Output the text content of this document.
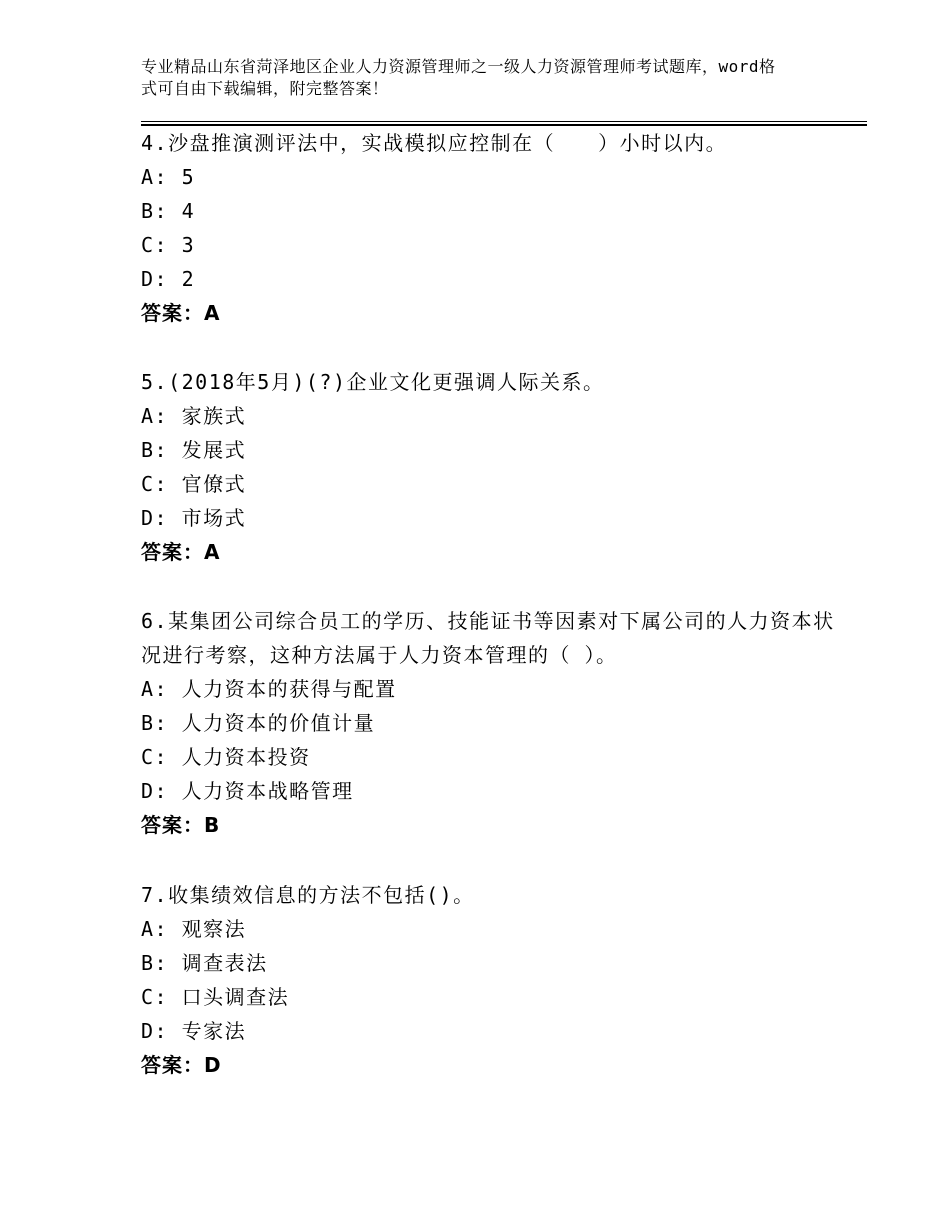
专业精品山东省菏泽地区企业人力资源管理师之一级人力资源管理师考试题库，word格式可自由下载编辑，附完整答案！
4.沙盘推演测评法中，实战模拟应控制在（　　）小时以内。
A: 5
B: 4
C: 3
D: 2
答案：A
5.(2018年5月)(?)企业文化更强调人际关系。
A: 家族式
B: 发展式
C: 官僚式
D: 市场式
答案：A
6.某集团公司综合员工的学历、技能证书等因素对下属公司的人力资本状况进行考察，这种方法属于人力资本管理的（ ）。
A: 人力资本的获得与配置
B: 人力资本的价值计量
C: 人力资本投资
D: 人力资本战略管理
答案：B
7.收集绩效信息的方法不包括()。
A: 观察法
B: 调查表法
C: 口头调查法
D: 专家法
答案：D
